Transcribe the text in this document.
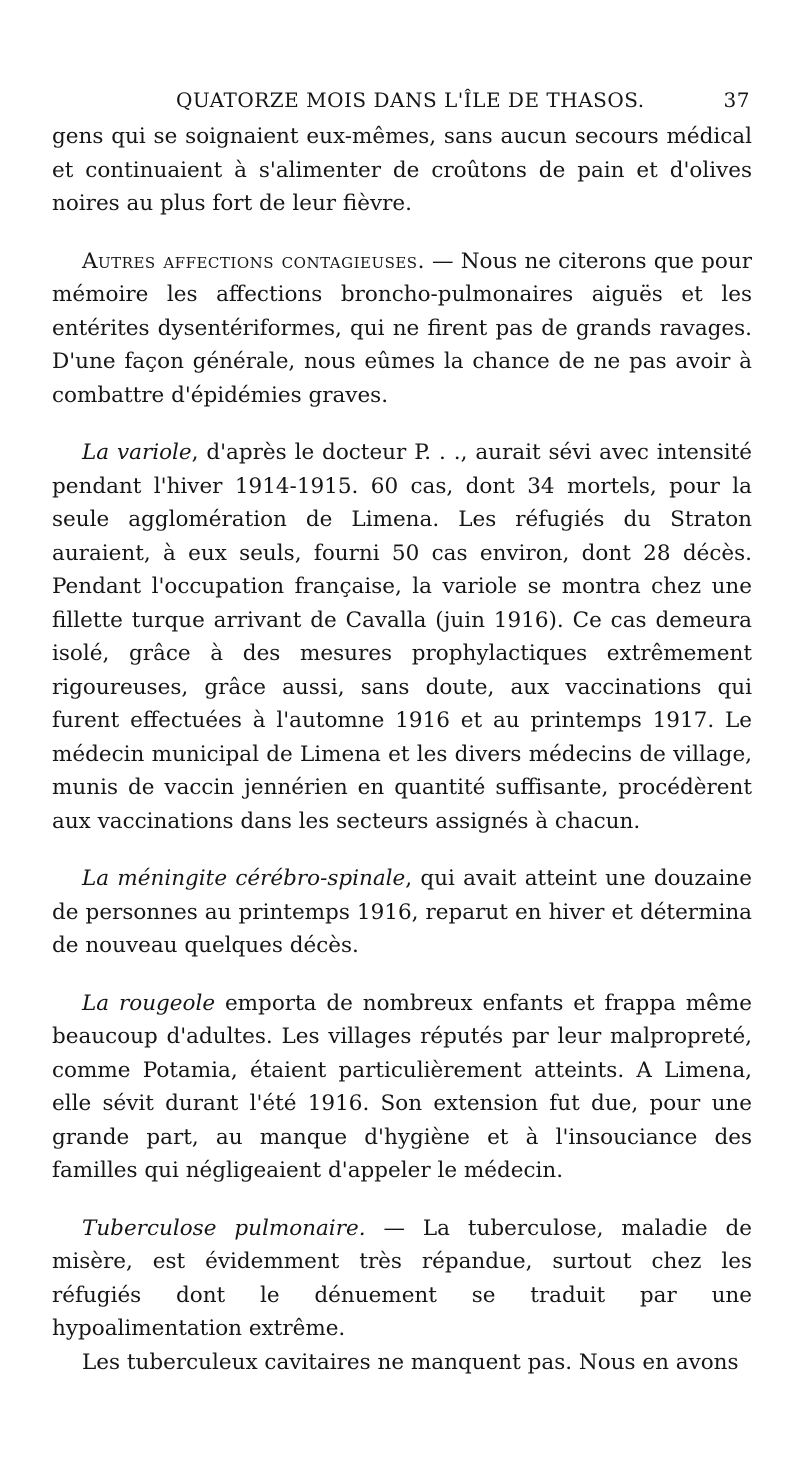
QUATORZE MOIS DANS L'ÎLE DE THASOS.	37

gens qui se soignaient eux-mêmes, sans aucun secours médical et continuaient à s'alimenter de croûtons de pain et d'olives noires au plus fort de leur fièvre.

Autres affections contagieuses. — Nous ne citerons que pour mémoire les affections broncho-pulmonaires aiguës et les entérites dysentériformes, qui ne firent pas de grands ravages. D'une façon générale, nous eûmes la chance de ne pas avoir à combattre d'épidémies graves.

La variole, d'après le docteur P. . ., aurait sévi avec intensité pendant l'hiver 1914-1915. 60 cas, dont 34 mortels, pour la seule agglomération de Limena. Les réfugiés du Straton auraient, à eux seuls, fourni 50 cas environ, dont 28 décès. Pendant l'occupation française, la variole se montra chez une fillette turque arrivant de Cavalla (juin 1916). Ce cas demeura isolé, grâce à des mesures prophylactiques extrêmement rigoureuses, grâce aussi, sans doute, aux vaccinations qui furent effectuées à l'automne 1916 et au printemps 1917. Le médecin municipal de Limena et les divers médecins de village, munis de vaccin jennérien en quantité suffisante, procédèrent aux vaccinations dans les secteurs assignés à chacun.

La méningite cérébro-spinale, qui avait atteint une douzaine de personnes au printemps 1916, reparut en hiver et détermina de nouveau quelques décès.

La rougeole emporta de nombreux enfants et frappa même beaucoup d'adultes. Les villages réputés par leur malpropreté, comme Potamia, étaient particulièrement atteints. A Limena, elle sévit durant l'été 1916. Son extension fut due, pour une grande part, au manque d'hygiène et à l'insouciance des familles qui négligeaient d'appeler le médecin.

Tuberculose pulmonaire. — La tuberculose, maladie de misère, est évidemment très répandue, surtout chez les réfugiés dont le dénuement se traduit par une hypoalimentation extrême.

Les tuberculeux cavitaires ne manquent pas. Nous en avons
